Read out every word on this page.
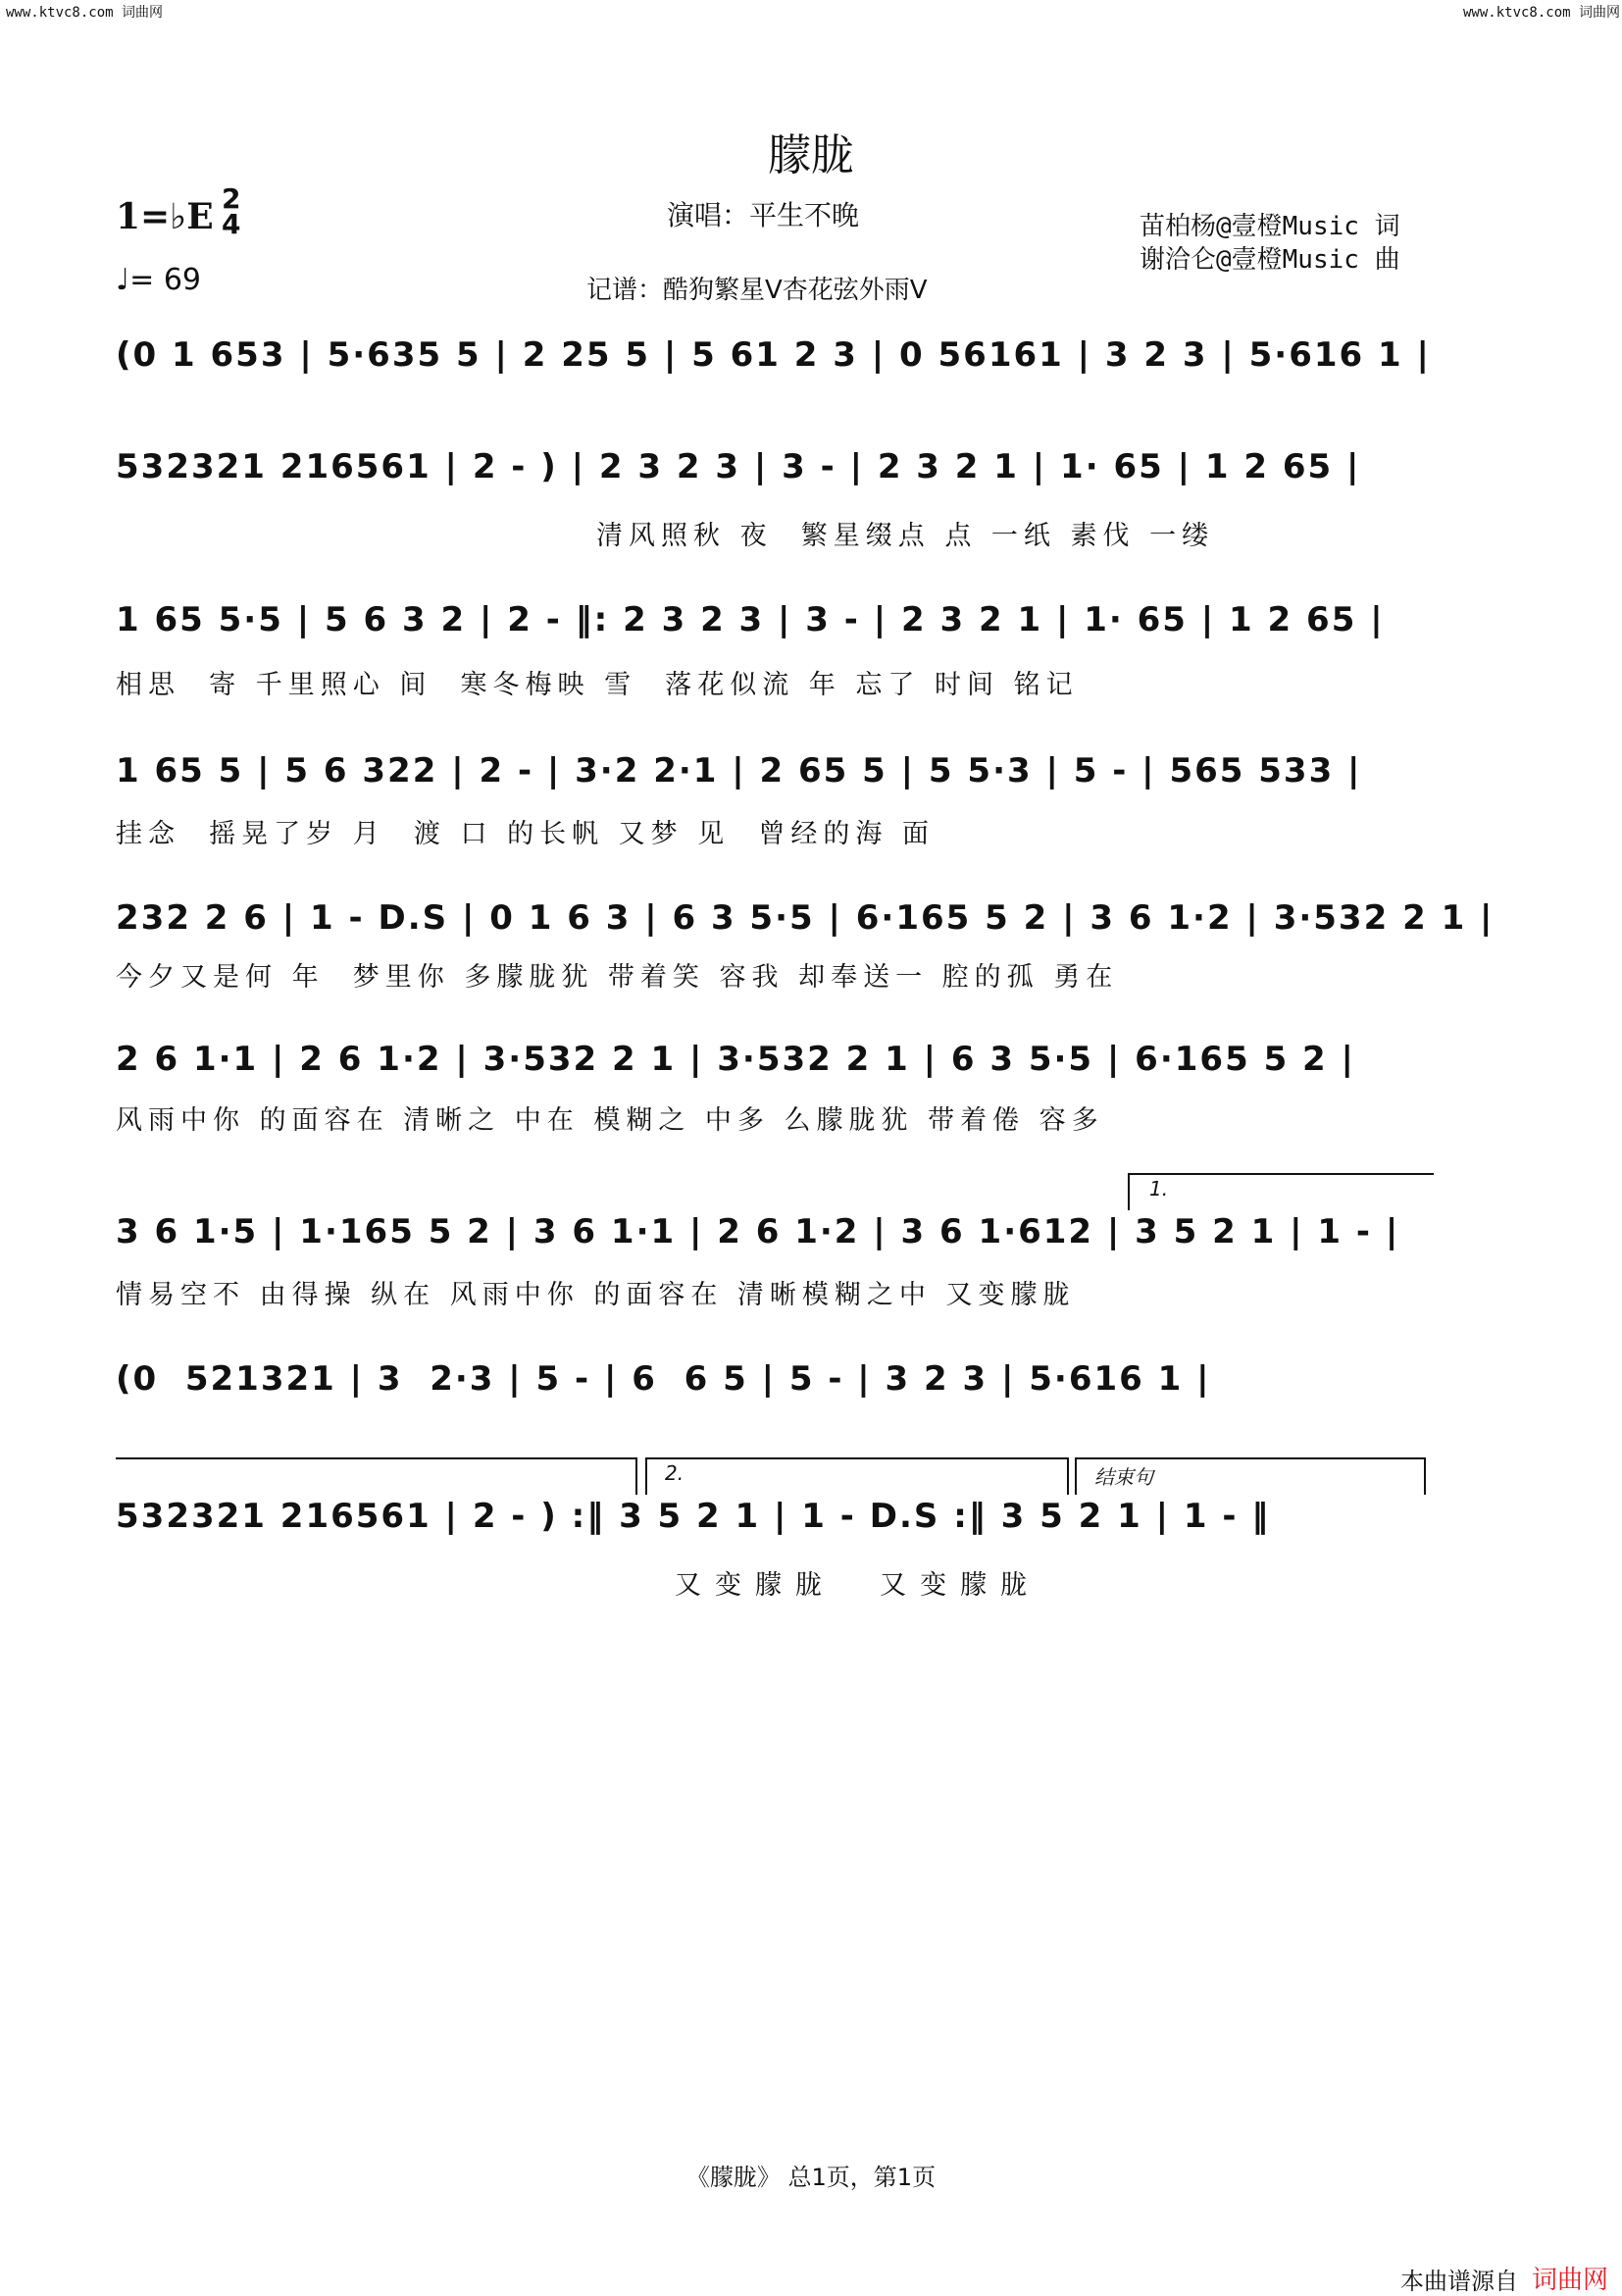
www.ktvc8.com 词曲网	www.ktvc8.com 词曲网
朦胧
1=♭E 2
4
♩= 69
演唱：平生不晚
记谱：酷狗繁星V杏花弦外雨V
苗柏杨@壹橙Music 词
谢洽仑@壹橙Music 曲
(0 1 653 | 5·635 5 | 2 25 5 | 5 61 2 3 | 0 56161 | 3 2 3 | 5·616 1 |
532321 216561 | 2 - ) | 2 3 2 3 | 3 - | 2 3 2 1 | 1· 65 | 1 2 65 |
清风照秋 夜  繁星缀点 点 一纸 素伐 一缕
1 65 5·5 | 5 6 3 2 | 2 - ‖: 2 3 2 3 | 3 - | 2 3 2 1 | 1· 65 | 1 2 65 |
相思  寄 千里照心 间  寒冬梅映 雪  落花似流 年 忘了 时间 铭记
1 65 5 | 5 6 322 | 2 - | 3·2 2·1 | 2 65 5 | 5 5·3 | 5 - | 565 533 |
挂念  摇晃了岁 月  渡 口 的长帆 又梦 见  曾经的海 面
232 2 6 | 1 - D.S | 0 1 6 3 | 6 3 5·5 | 6·165 5 2 | 3 6 1·2 | 3·532 2 1 |
今夕又是何 年  梦里你 多朦胧犹 带着笑 容我 却奉送一 腔的孤 勇在
2 6 1·1 | 2 6 1·2 | 3·532 2 1 | 3·532 2 1 | 6 3 5·5 | 6·165 5 2 |
风雨中你 的面容在 清晰之 中在 模糊之 中多 么朦胧犹 带着倦 容多
1.
3 6 1·5 | 1·165 5 2 | 3 6 1·1 | 2 6 1·2 | 3 6 1·612 | 3 5 2 1 | 1 - |
情易空不 由得操 纵在 风雨中你 的面容在 清晰模糊之中 又变朦胧
(0  521321 | 3  2·3 | 5 - | 6  6 5 | 5 - | 3 2 3 | 5·616 1 |
2.	结束句
532321 216561 | 2 - ) :‖ 3 5 2 1 | 1 - D.S :‖ 3 5 2 1 | 1 - ‖
又变朦胧  又变朦胧
《朦胧》 总1页，第1页
本曲谱源自 词曲网
